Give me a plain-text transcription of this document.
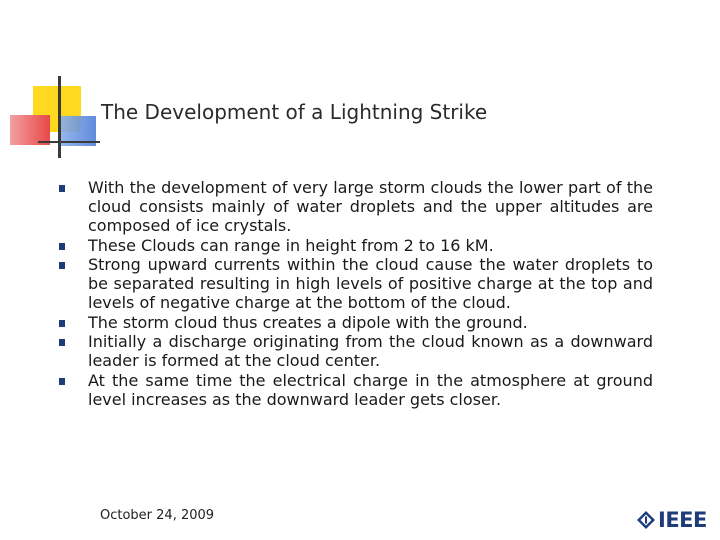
The Development of a Lightning Strike
With the development of very large storm clouds the lower part of the cloud consists mainly of water droplets and the upper altitudes are composed of ice crystals.
These Clouds can range in height from 2 to 16 kM.
Strong upward currents within the cloud cause the water droplets to be separated resulting in high levels of positive charge at the top and levels of negative charge at the bottom of the cloud.
The storm cloud thus creates a dipole with the ground.
Initially a discharge originating from the cloud known as a downward leader is formed at the cloud center.
At the same time the electrical charge in the atmosphere at ground level increases as the downward leader gets closer.
October 24, 2009	IEEE
